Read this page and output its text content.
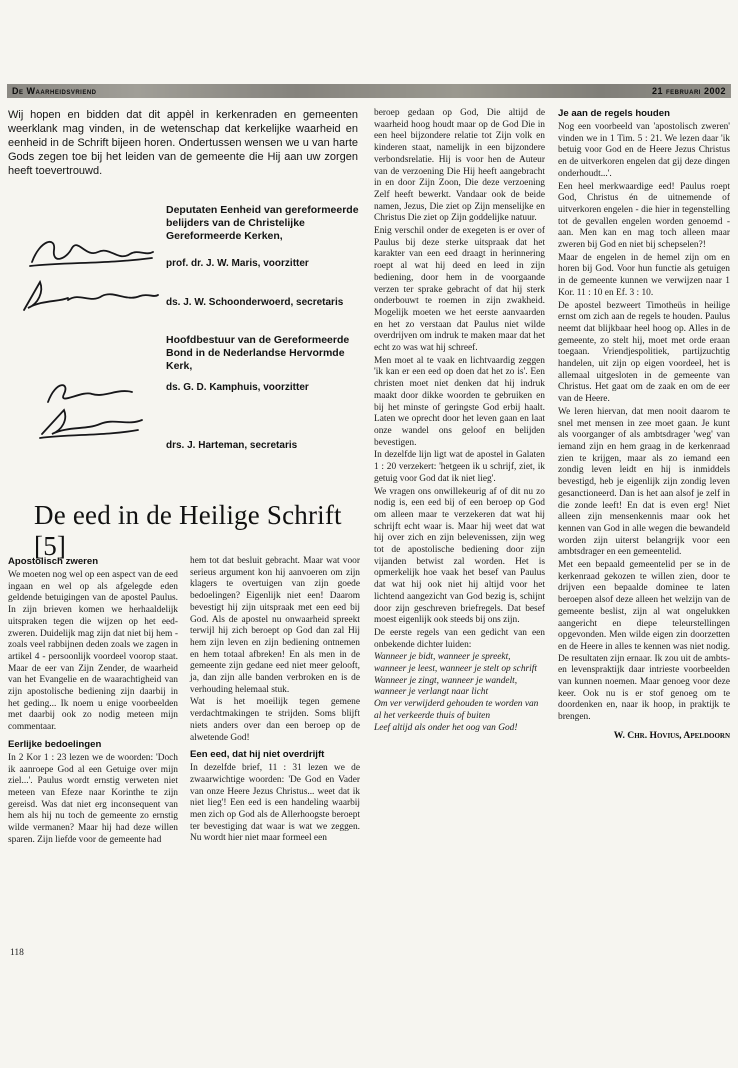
De Waarheidsvriend	21 februari 2002
Wij hopen en bidden dat dit appèl in kerkenraden en gemeenten weerklank mag vinden, in de wetenschap dat kerkelijke waarheid en eenheid in de Schrift bijeen horen. Ondertussen wensen we u van harte Gods zegen toe bij het leiden van de gemeente die Hij aan uw zorgen heeft toevertrouwd.
Deputaten Eenheid van gereformeerde belijders van de Christelijke Gereformeerde Kerken,
prof. dr. J. W. Maris, voorzitter
ds. J. W. Schoonderwoerd, secretaris
Hoofdbestuur van de Gereformeerde Bond in de Nederlandse Hervormde Kerk,
ds. G. D. Kamphuis, voorzitter
drs. J. Harteman, secretaris
De eed in de Heilige Schrift [5]
Apostolisch zweren

We moeten nog wel op een aspect van de eed ingaan en wel op als afgelegde eden geldende betuigingen van de apostel Paulus. In zijn brieven komen we herhaaldelijk uitspraken tegen die wijzen op het eed-zweren. Duidelijk mag zijn dat niet bij hem - zoals veel rabbijnen deden zoals we zagen in artikel 4 - persoonlijk voordeel voorop staat. Maar de eer van Zijn Zender, de waarheid van het Evangelie en de waarachtigheid van zijn apostolische bediening zijn daarbij in het geding... Ik noem u enige voorbeelden met daarbij ook zo nodig meteen mijn commentaar.

Eerlijke bedoelingen

In 2 Kor 1 : 23 lezen we de woorden: 'Doch ik aanroepe God al een Getuige over mijn ziel...'. Paulus wordt ernstig verweten niet meteen van Efeze naar Korinthe te zijn gereisd. Was dat niet erg inconsequent van hem als hij nu toch de gemeente zo ernstig wilde vermanen? Maar hij had deze willen sparen. Zijn liefde voor de gemeente had

hem tot dat besluit gebracht. Maar wat voor serieus argument kon hij aanvoeren om zijn klagers te overtuigen van zijn goede bedoelingen? Eigenlijk niet een! Daarom bevestigt hij zijn uitspraak met een eed bij God. Als de apostel nu onwaarheid spreekt terwijl hij zich beroept op God dan zal Hij hem zijn leven en zijn bediening ontnemen en hem totaal afbreken! En als men in de gemeente zijn gedane eed niet meer gelooft, ja, dan zijn alle banden verbroken en is de verhouding helemaal stuk.

Wat is het moeilijk tegen gemene verdachtmakingen te strijden. Soms blijft niets anders over dan een beroep op de alwetende God!

Een eed, dat hij niet overdrijft

In dezelfde brief, 11 : 31 lezen we de zwaarwichtige woorden: 'De God en Vader van onze Heere Jezus Christus... weet dat ik niet lieg'! Een eed is een handeling waarbij men zich op God als de Allerhoogste beroept ter bevestiging dat waar is wat we zeggen. Nu wordt hier niet maar formeel een

beroep gedaan op God, Die altijd de waarheid hoog houdt maar op de God Die in een heel bijzondere relatie tot Zijn volk en kinderen staat, namelijk in een bijzondere verbondsrelatie. Hij is voor hen de Auteur van de verzoening Die Hij heeft aangebracht in en door Zijn Zoon, Die deze verzoening Zelf heeft bewerkt. Vandaar ook de beide namen, Jezus, Die ziet op Zijn menselijke en Christus Die ziet op Zijn goddelijke natuur.

Enig verschil onder de exegeten is er over of Paulus bij deze sterke uitspraak dat het karakter van een eed draagt in herinnering roept al wat hij deed en leed in zijn bediening, door hem in de voorgaande verzen ter sprake gebracht of dat hij sterk onderbouwt te roemen in zijn zwakheid. Mogelijk moeten we het eerste aanvaarden en het zo verstaan dat Paulus niet wilde overdrijven om indruk te maken maar dat het echt zo was wat hij schreef.

Men moet al te vaak en lichtvaardig zeggen 'ik kan er een eed op doen dat het zo is'. Een christen moet niet denken dat hij indruk maakt door dikke woorden te gebruiken en bij het minste of geringste God erbij haalt. Laten we oprecht door het leven gaan en laat onze wandel ons geloof en belijden bevestigen.

In dezelfde lijn ligt wat de apostel in Galaten 1 : 20 verzekert: 'hetgeen ik u schrijf, ziet, ik getuig voor God dat ik niet lieg'.

We vragen ons onwillekeurig af of dit nu zo nodig is, een eed bij of een beroep op God om alleen maar te verzekeren dat wat hij schrijft echt waar is. Maar hij weet dat wat hij over zich en zijn belevenissen, zijn weg tot de apostolische bediening door zijn vijanden betwist zal worden. Het is opmerkelijk hoe vaak het besef van Paulus dat wat hij ook niet hij altijd voor het lichtend aangezicht van God bezig is, schijnt door zijn geschreven briefregels. Dat besef moest eigenlijk ook steeds bij ons zijn.

De eerste regels van een gedicht van een onbekende dichter luiden:

Wanneer je bidt, wanneer je spreekt, wanneer je leest, wanneer je stelt op schrift

Wanneer je zingt, wanneer je wandelt, wanneer je verlangt naar licht

Om ver verwijderd gehouden te worden van al het verkeerde thuis of buiten

Leef altijd als onder het oog van God!

Je aan de regels houden

Nog een voorbeeld van 'apostolisch zweren' vinden we in 1 Tim. 5 : 21. We lezen daar 'ik betuig voor God en de Heere Jezus Christus en de uitverkoren engelen dat gij deze dingen onderhoudt...'.

Een heel merkwaardige eed! Paulus roept God, Christus én de uitnemende of uitverkoren engelen - die hier in tegenstelling tot de gevallen engelen worden genoemd - aan. Men kan en mag toch alleen maar zweren bij God en niet bij schepselen?!

Maar de engelen in de hemel zijn om en horen bij God. Voor hun functie als getuigen in de gemeente kunnen we verwijzen naar 1 Kor. 11 : 10 en Ef. 3 : 10.

De apostel bezweert Timotheüs in heilige ernst om zich aan de regels te houden. Paulus neemt dat blijkbaar heel hoog op. Alles in de gemeente, zo stelt hij, moet met orde eraan toegaan. Vriendjespolitiek, partijzuchtig handelen, uit zijn op eigen voordeel, het is allemaal uitgesloten in de gemeente van Christus. Het gaat om de zaak en om de eer van de Heere.

We leren hiervan, dat men nooit daarom te snel met mensen in zee moet gaan. Je kunt als voorganger of als ambtsdrager 'weg' van iemand zijn en hem graag in de kerkenraad zien te krijgen, maar als zo iemand een zondig leven leidt en hij is inmiddels bevestigd, heb je eigenlijk zijn zondig leven gesanctioneerd. Dan is het aan alsof je zelf in die zonde leeft! En dat is even erg! Niet alleen zijn mensenkennis maar ook het kennen van God in alle wegen die bewandeld worden zijn uiterst belangrijk voor een ambtsdrager en een gemeentelid.

Met een bepaald gemeentelid per se in de kerkenraad gekozen te willen zien, door te drijven een bepaalde dominee te laten beroepen alsof deze alleen het welzijn van de gemeente beslist, zijn al wat ongelukken aangericht en diepe teleurstellingen opgevonden. Men wilde eigen zin doorzetten en de Heere in alles te kennen was niet nodig. De resultaten zijn ernaar. Ik zou uit de ambts- en levenspraktijk daar intrieste voorbeelden van kunnen noemen. Maar genoeg voor deze keer. Ook nu is er stof genoeg om te doordenken en, naar ik hoop, in praktijk te brengen.

W. Chr. Hovius, Apeldoorn
118
